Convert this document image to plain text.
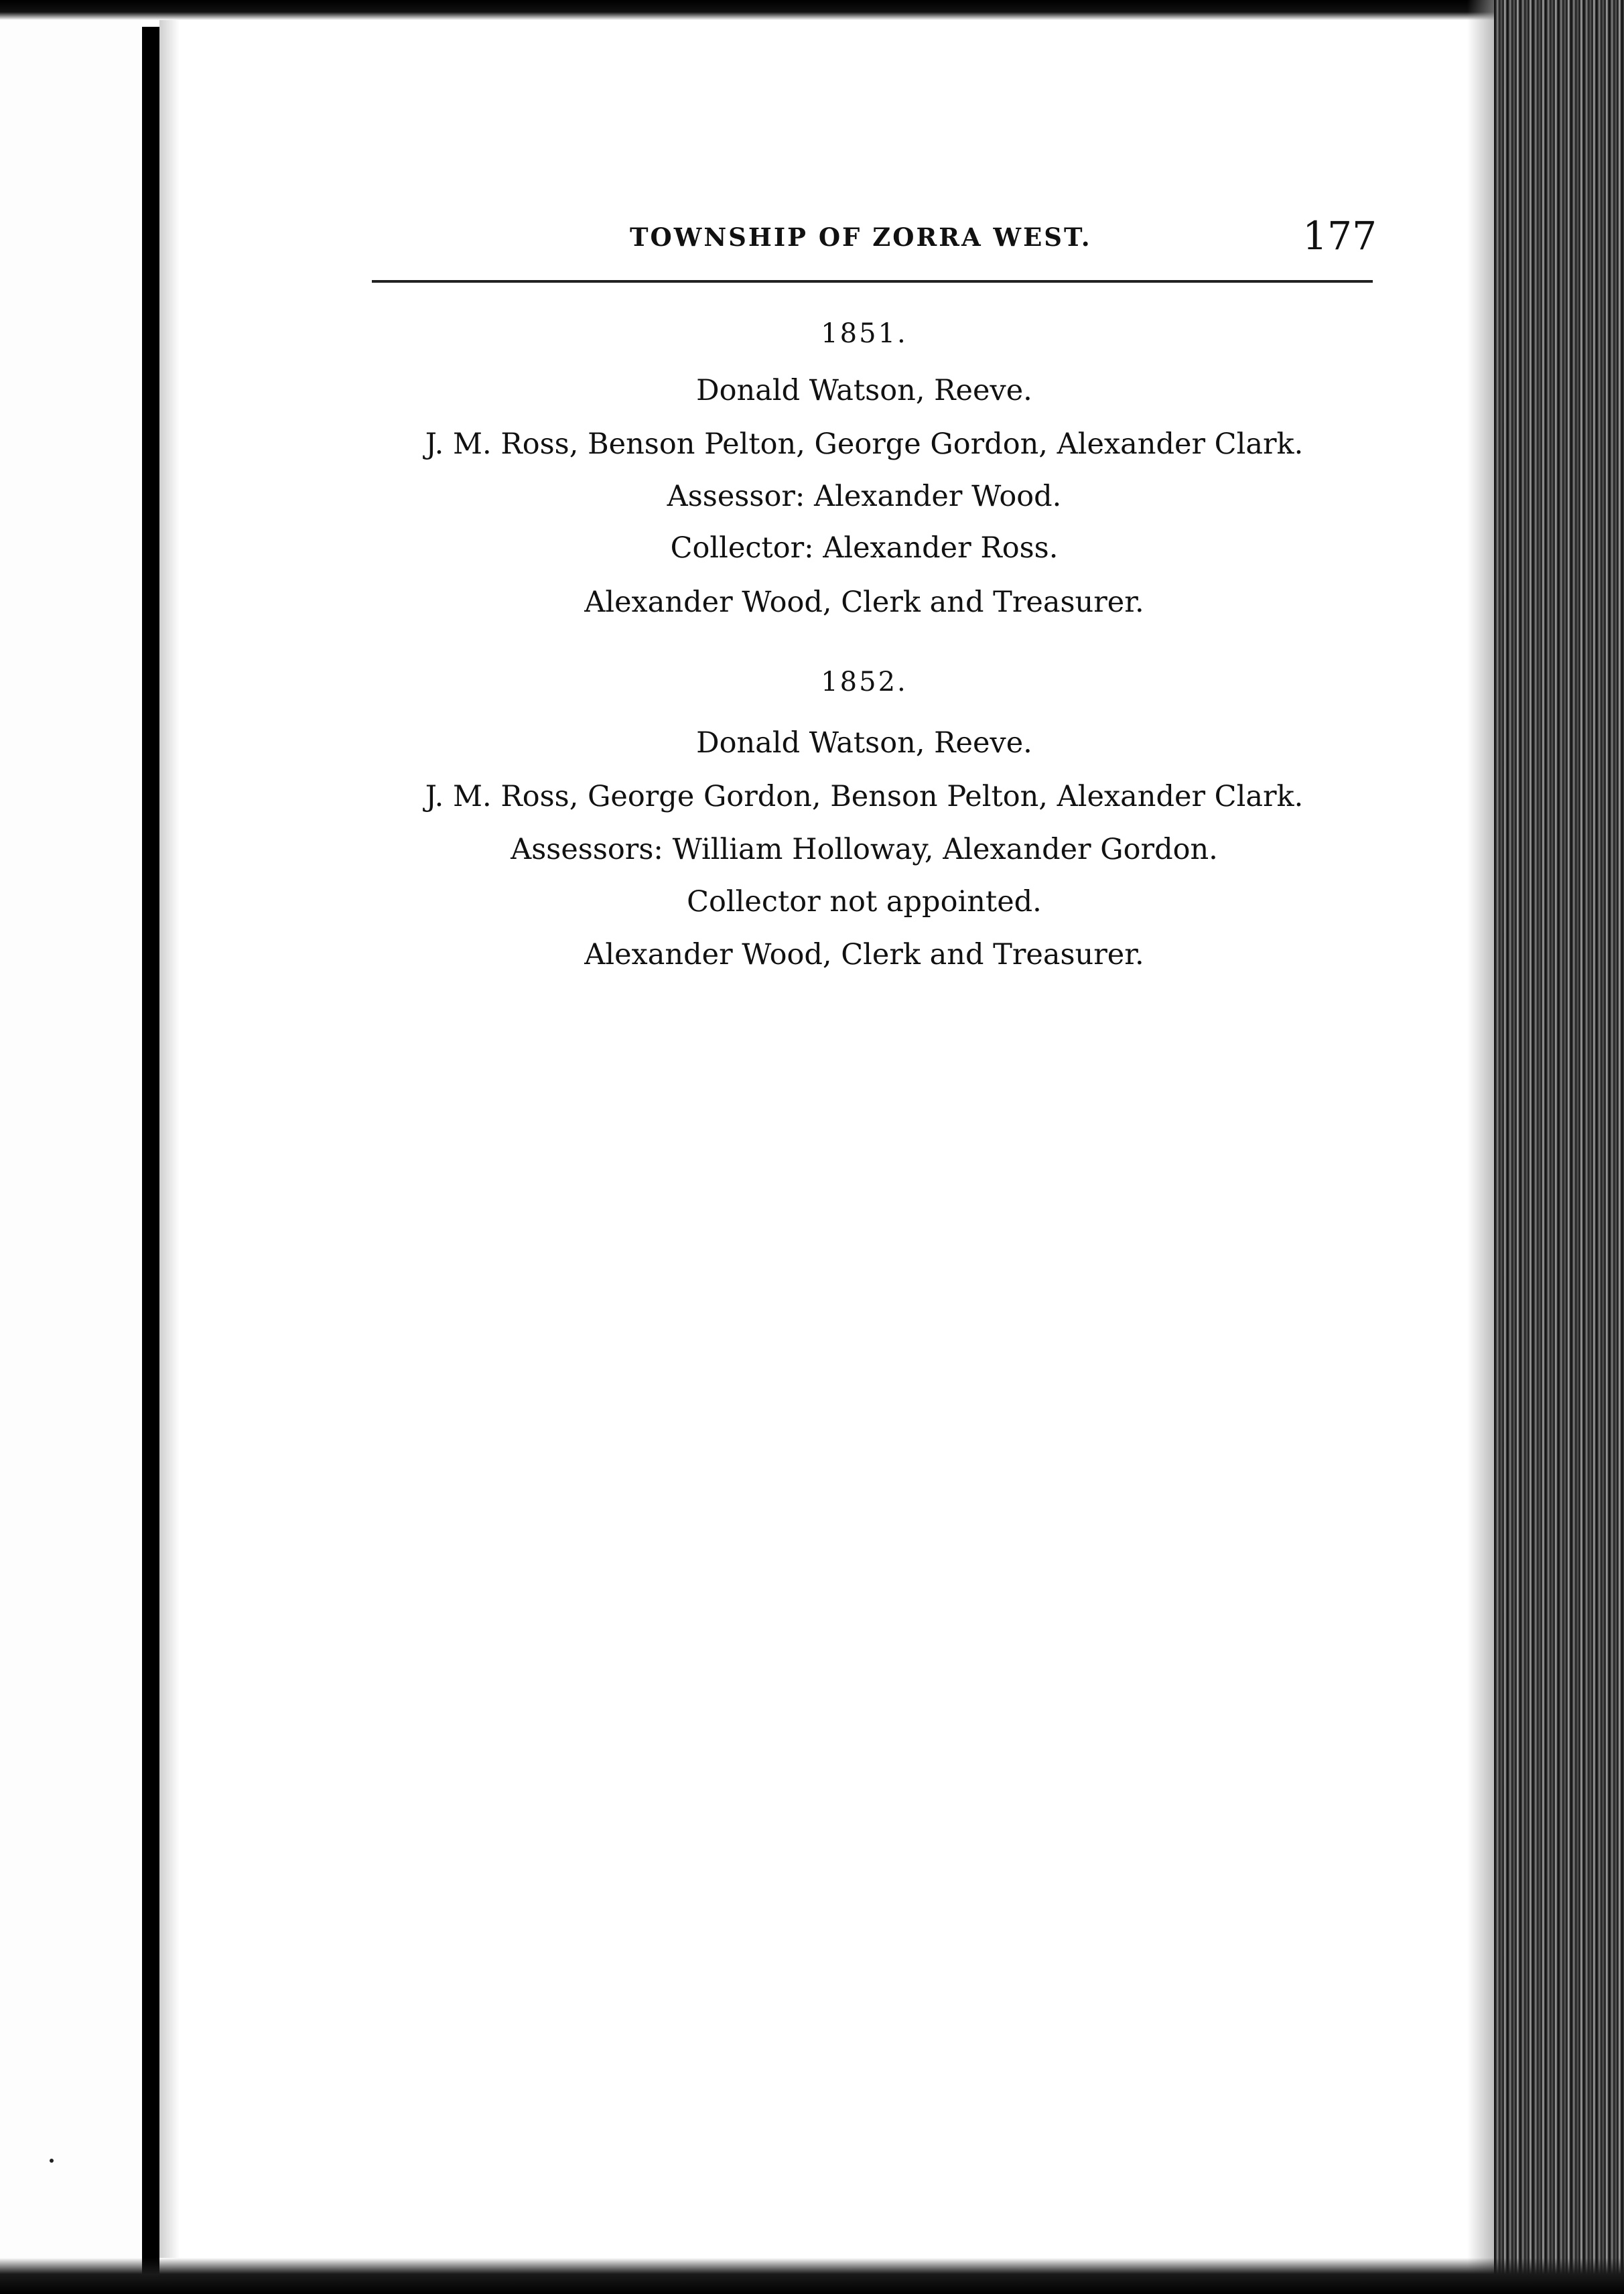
TOWNSHIP OF ZORRA WEST.	177

1851.

Donald Watson, Reeve.

J. M. Ross, Benson Pelton, George Gordon, Alexander Clark.

Assessor: Alexander Wood.

Collector: Alexander Ross.

Alexander Wood, Clerk and Treasurer.

1852.

Donald Watson, Reeve.

J. M. Ross, George Gordon, Benson Pelton, Alexander Clark.

Assessors: William Holloway, Alexander Gordon.

Collector not appointed.

Alexander Wood, Clerk and Treasurer.
